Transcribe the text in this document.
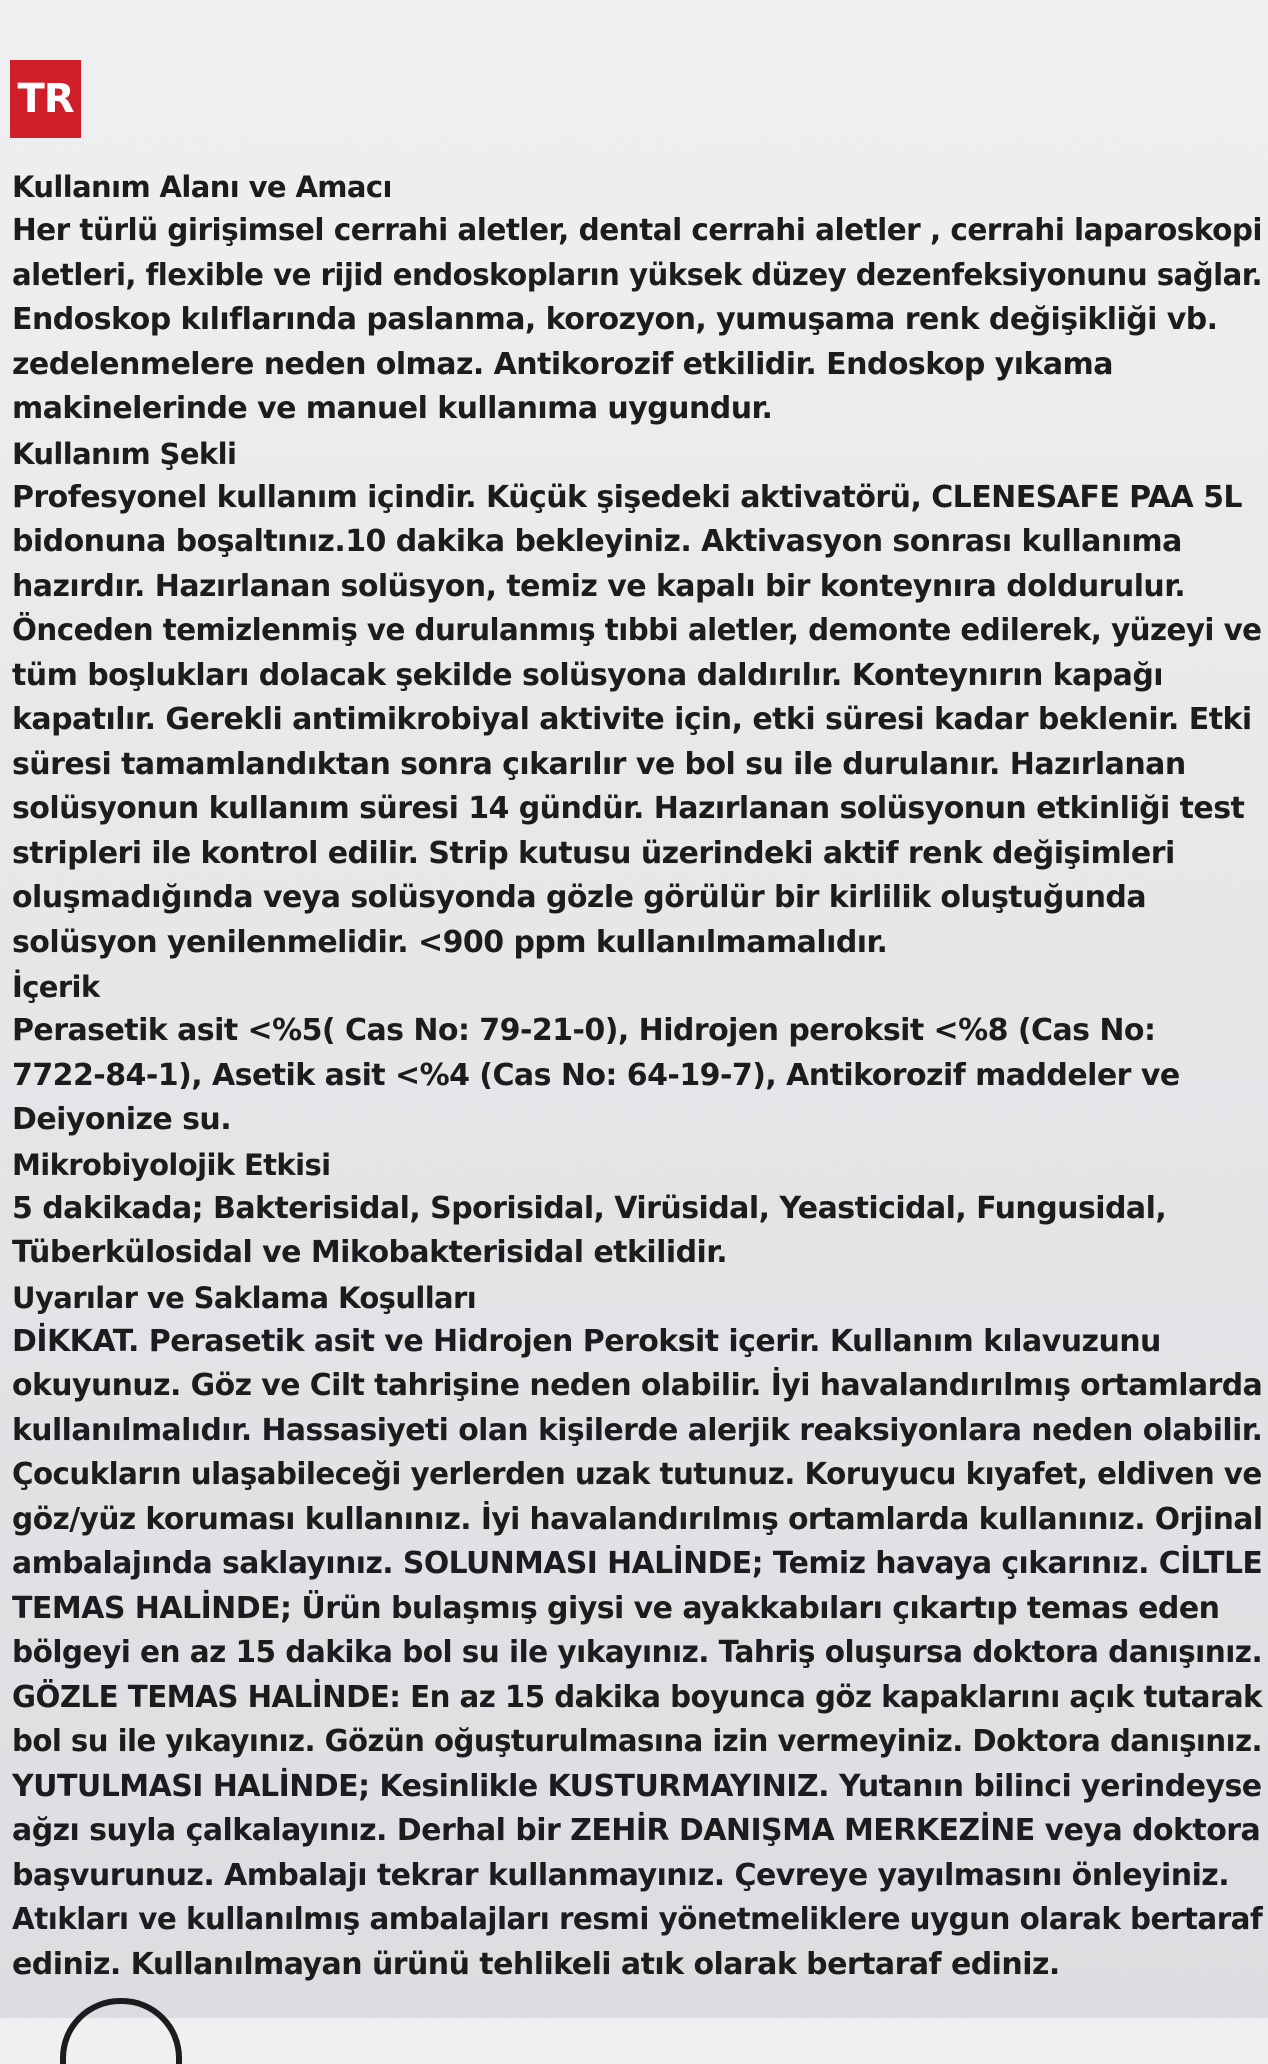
TR
Kullanım Alanı ve Amacı
Her türlü girişimsel cerrahi aletler, dental cerrahi aletler , cerrahi laparoskopi
aletleri, flexible ve rijid endoskopların yüksek düzey dezenfeksiyonunu sağlar.
Endoskop kılıflarında paslanma, korozyon, yumuşama renk değişikliği vb.
zedelenmelere neden olmaz. Antikorozif etkilidir. Endoskop yıkama
makinelerinde ve manuel kullanıma uygundur.
Kullanım Şekli
Profesyonel kullanım içindir. Küçük şişedeki aktivatörü, CLENESAFE PAA 5L
bidonuna boşaltınız.10 dakika bekleyiniz. Aktivasyon sonrası kullanıma
hazırdır. Hazırlanan solüsyon, temiz ve kapalı bir konteynıra doldurulur.
Önceden temizlenmiş ve durulanmış tıbbi aletler, demonte edilerek, yüzeyi ve
tüm boşlukları dolacak şekilde solüsyona daldırılır. Konteynırın kapağı
kapatılır. Gerekli antimikrobiyal aktivite için, etki süresi kadar beklenir. Etki
süresi tamamlandıktan sonra çıkarılır ve bol su ile durulanır. Hazırlanan
solüsyonun kullanım süresi 14 gündür. Hazırlanan solüsyonun etkinliği test
stripleri ile kontrol edilir. Strip kutusu üzerindeki aktif renk değişimleri
oluşmadığında veya solüsyonda gözle görülür bir kirlilik oluştuğunda
solüsyon yenilenmelidir. <900 ppm kullanılmamalıdır.
İçerik
Perasetik asit <%5( Cas No: 79-21-0), Hidrojen peroksit <%8 (Cas No:
7722-84-1), Asetik asit <%4 (Cas No: 64-19-7), Antikorozif maddeler ve
Deiyonize su.
Mikrobiyolojik Etkisi
5 dakikada; Bakterisidal, Sporisidal, Virüsidal, Yeasticidal, Fungusidal,
Tüberkülosidal ve Mikobakterisidal etkilidir.
Uyarılar ve Saklama Koşulları
DİKKAT. Perasetik asit ve Hidrojen Peroksit içerir. Kullanım kılavuzunu
okuyunuz. Göz ve Cilt tahrişine neden olabilir. İyi havalandırılmış ortamlarda
kullanılmalıdır. Hassasiyeti olan kişilerde alerjik reaksiyonlara neden olabilir.
Çocukların ulaşabileceği yerlerden uzak tutunuz. Koruyucu kıyafet, eldiven ve
göz/yüz koruması kullanınız. İyi havalandırılmış ortamlarda kullanınız. Orjinal
ambalajında saklayınız. SOLUNMASI HALİNDE; Temiz havaya çıkarınız. CİLTLE
TEMAS HALİNDE; Ürün bulaşmış giysi ve ayakkabıları çıkartıp temas eden
bölgeyi en az 15 dakika bol su ile yıkayınız. Tahriş oluşursa doktora danışınız.
GÖZLE TEMAS HALİNDE: En az 15 dakika boyunca göz kapaklarını açık tutarak
bol su ile yıkayınız. Gözün oğuşturulmasına izin vermeyiniz. Doktora danışınız.
YUTULMASI HALİNDE; Kesinlikle KUSTURMAYINIZ. Yutanın bilinci yerindeyse
ağzı suyla çalkalayınız. Derhal bir ZEHİR DANIŞMA MERKEZİNE veya doktora
başvurunuz. Ambalajı tekrar kullanmayınız. Çevreye yayılmasını önleyiniz.
Atıkları ve kullanılmış ambalajları resmi yönetmeliklere uygun olarak bertaraf
ediniz. Kullanılmayan ürünü tehlikeli atık olarak bertaraf ediniz.
